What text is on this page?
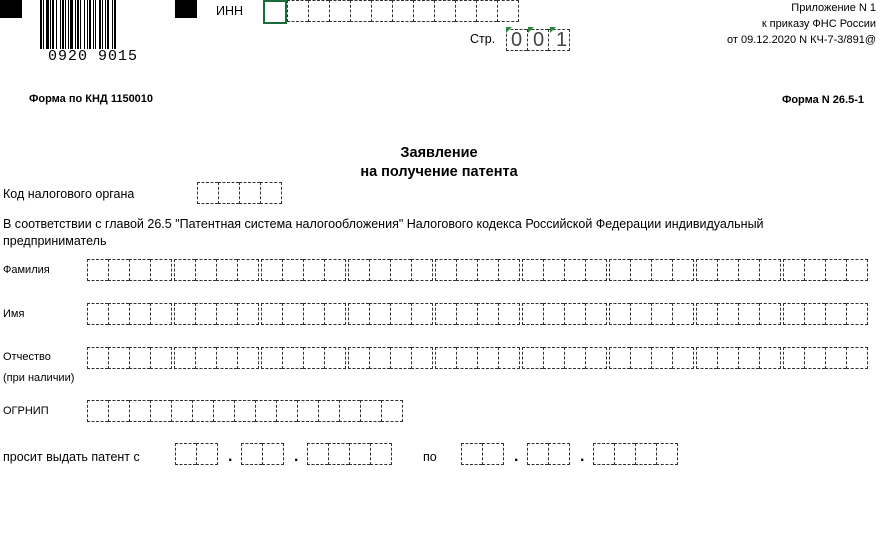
0920 9015
ИНН
Стр. 0 0 1
Приложение N 1
к приказу ФНС России
от 09.12.2020 N КЧ-7-3/891@
Форма по КНД 1150010	Форма N 26.5-1
Заявление
на получение патента
Код налогового органа
В соответствии с главой 26.5 "Патентная система налогообложения" Налогового кодекса Российской Федерации индивидуальный
предприниматель
Фамилия
Имя
Отчество
(при наличии)
ОГРНИП
просит выдать патент с	.	.	по	.	.
